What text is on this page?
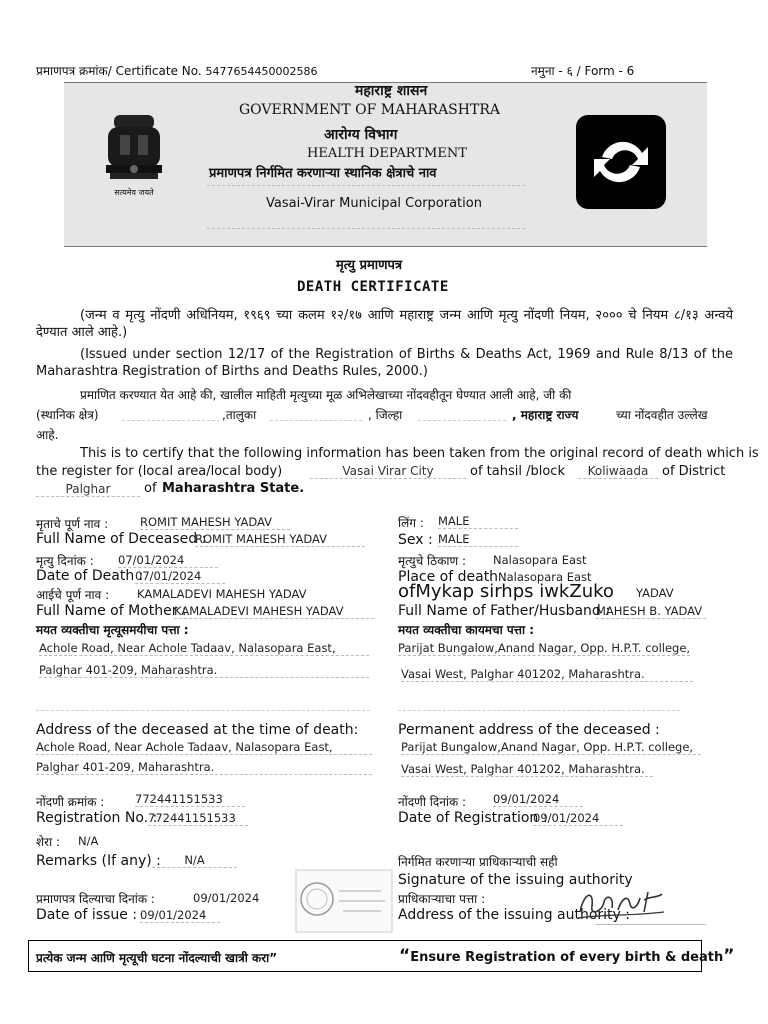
प्रमाणपत्र क्रमांक/ Certificate No. 5477654450002586	नमुना - ६ / Form - 6
सत्यमेव जयते
महाराष्ट्र शासन
GOVERNMENT OF MAHARASHTRA
आरोग्य विभाग
HEALTH DEPARTMENT
प्रमाणपत्र निर्गमित करणाऱ्या स्थानिक क्षेत्राचे नाव
Vasai-Virar Municipal Corporation
मृत्यु प्रमाणपत्र
DEATH CERTIFICATE
(जन्म व मृत्यु नोंदणी अधिनियम, १९६९ च्या कलम १२/१७ आणि महाराष्ट्र जन्म आणि मृत्यु नोंदणी नियम, २००० चे नियम ८/१३ अन्वये देण्यात आले आहे.)
(Issued under section 12/17 of the Registration of Births & Deaths Act, 1969 and Rule 8/13 of the Maharashtra Registration of Births and Deaths Rules, 2000.)
प्रमाणित करण्यात येत आहे की, खालील माहिती मृत्युच्या मूळ अभिलेखाच्या नोंदवहीतून घेण्यात आली आहे, जी की
(स्थानिक क्षेत्र)	,तालुका	, जिल्हा	, महाराष्ट्र राज्य	च्या नोंदवहीत उल्लेख
आहे.
This is to certify that the following information has been taken from the original record of death which is
the register for (local area/local body)	Vasai Virar City	of tahsil /block	Koliwaada	of District
Palghar	of Maharashtra State.
मृताचे पूर्ण नाव :	ROMIT MAHESH YADAV
Full Name of Deceased :
ROMIT MAHESH YADAV
मृत्यु दिनांक : 07/01/2024
Date of Death :
07/01/2024
आईचे पूर्ण नाव : KAMALADEVI MAHESH YADAV
Full Name of Mother :
KAMALADEVI MAHESH YADAV
मयत व्यक्तीचा मृत्यूसमयीचा पत्ता :
Achole Road, Near Achole Tadaav, Nalasopara East,
Palghar 401-209, Maharashtra.
Address of the deceased at the time of death:
Achole Road, Near Achole Tadaav, Nalasopara East,
Palghar 401-209, Maharashtra.
नोंदणी क्रमांक :	772441151533
Registration No. :
772441151533
शेरा : N/A
Remarks (If any) :	N/A
प्रमाणपत्र दिल्याचा दिनांक :	09/01/2024
Date of issue : 09/01/2024
लिंग : MALE
Sex : MALE
मृत्युचे ठिकाण : Nalasopara East
Place of death :
Nalasopara East
YADAV
ofMykap sirhps iwkZuko
Full Name of Father/Husband :
MAHESH B. YADAV
मयत व्यक्तीचा कायमचा पत्ता :
Parijat Bungalow,Anand Nagar, Opp. H.P.T. college,
Vasai West, Palghar 401202, Maharashtra.
Permanent address of the deceased :
Parijat Bungalow,Anand Nagar, Opp. H.P.T. college,
Vasai West, Palghar 401202, Maharashtra.
नोंदणी दिनांक : 09/01/2024
Date of Registration :
09/01/2024
निर्गमित करणाऱ्या प्राधिकाऱ्याची सही
Signature of the issuing authority
प्राधिकाऱ्याचा पत्ता :
Address of the issuing authority :
प्रत्येक जन्म आणि मृत्यूची घटना नोंदल्याची खात्री करा”	“Ensure Registration of every birth & death”
